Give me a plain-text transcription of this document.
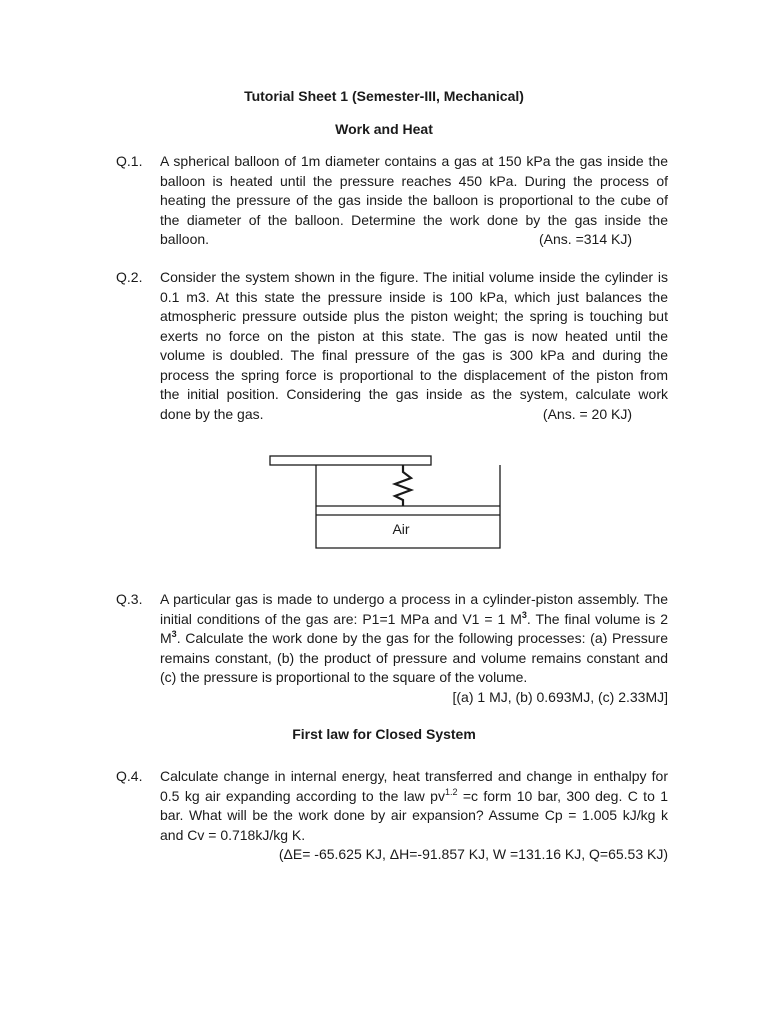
Tutorial Sheet 1 (Semester-III, Mechanical)
Work and Heat
Q.1.	A spherical balloon of 1m diameter contains a gas at 150 kPa the gas inside the
balloon is heated until the pressure reaches 450 kPa. During the process of
heating the pressure of the gas inside the balloon is proportional to the cube of
the diameter of the balloon. Determine the work done by the gas inside the
balloon.	(Ans. =314 KJ)
Q.2.	Consider the system shown in the figure. The initial volume inside the cylinder is
0.1 m3. At this state the pressure inside is 100 kPa, which just balances the
atmospheric pressure outside plus the piston weight; the spring is touching but
exerts no force on the piston at this state. The gas is now heated until the
volume is doubled. The final pressure of the gas is 300 kPa and during the
process the spring force is proportional to the displacement of the piston from
the initial position. Considering the gas inside as the system, calculate work
done by the gas.	(Ans. = 20 KJ)
Air
Q.3.	A particular gas is made to undergo a process in a cylinder-piston assembly. The
initial conditions of the gas are: P1=1 MPa and V1 = 1 $M^3$. The final volume is 2
$M^3$. Calculate the work done by the gas for the following processes: (a) Pressure
remains constant, (b) the product of pressure and volume remains constant and
(c) the pressure is proportional to the square of the volume.
[(a) 1 MJ, (b) 0.693MJ, (c) 2.33MJ]
First law for Closed System
Q.4.	Calculate change in internal energy, heat transferred and change in enthalpy for
0.5 kg air expanding according to the law $pv^{1.2} =c$ form 10 bar, 300 deg. C to 1
bar. What will be the work done by air expansion? Assume Cp = 1.005 kJ/kg k
and Cv = 0.718kJ/kg K.
(ΔE= -65.625 KJ, ΔH=-91.857 KJ, W =131.16 KJ, Q=65.53 KJ)
